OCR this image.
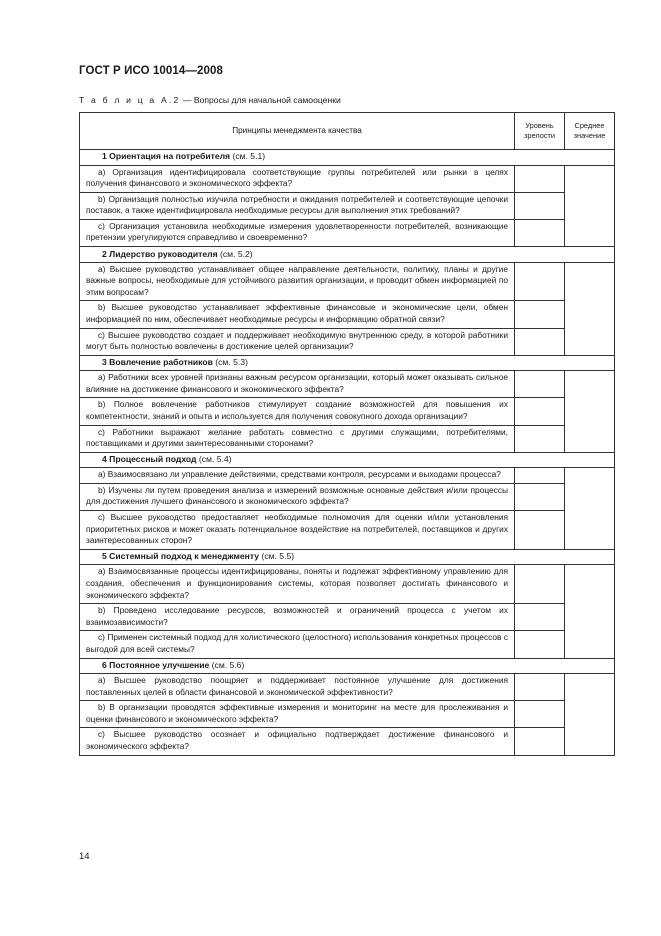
ГОСТ Р ИСО 10014—2008
Т а б л и ц а А.2 — Вопросы для начальной самооценки
Принципы менеджмента качества	Уровень зрелости	Среднее значение
1 Ориентация на потребителя (см. 5.1)		
а) Организация идентифицировала соответствующие группы потребителей или рынки в целях получения финансового и экономического эффекта?		
b) Организация полностью изучила потребности и ожидания потребителей и соответствующие цепочки поставок, а также идентифицировала необходимые ресурсы для выполнения этих требований?		
с) Организация установила необходимые измерения удовлетворенности потребителей, возникающие претензии урегулируются справедливо и своевременно?		
2 Лидерство руководителя (см. 5.2)		
а) Высшее руководство устанавливает общее направление деятельности, политику, планы и другие важные вопросы, необходимые для устойчивого развития организации, и проводит обмен информацией по этим вопросам?		
b) Высшее руководство устанавливает эффективные финансовые и экономические цели, обмен информацией по ним, обеспечивает необходимые ресурсы и информацию обратной связи?		
с) Высшее руководство создает и поддерживает необходимую внутреннюю среду, в которой работники могут быть полностью вовлечены в достижение целей организации?		
3 Вовлечение работников (см. 5.3)		
а) Работники всех уровней признаны важным ресурсом организации, который может оказывать сильное влияние на достижение финансового и экономического эффекта?		
b) Полное вовлечение работников стимулирует создание возможностей для повышения их компетентности, знаний и опыта и используется для получения совокупного дохода организации?		
с) Работники выражают желание работать совместно с другими служащими, потребителями, поставщиками и другими заинтересованными сторонами?		
4 Процессный подход (см. 5.4)		
а) Взаимосвязано ли управление действиями, средствами контроля, ресурсами и выходами процесса?		
b) Изучены ли путем проведения анализа и измерений возможные основные действия и/или процессы для достижения лучшего финансового и экономического эффекта?		
с) Высшее руководство предоставляет необходимые полномочия для оценки и/или установления приоритетных рисков и может оказать потенциальное воздействие на потребителей, поставщиков и других заинтересованных сторон?		
5 Системный подход к менеджменту (см. 5.5)		
а) Взаимосвязанные процессы идентифицированы, поняты и подлежат эффективному управлению для создания, обеспечения и функционирования системы, которая позволяет достигать финансового и экономического эффекта?		
b) Проведено исследование ресурсов, возможностей и ограничений процесса с учетом их взаимозависимости?		
с) Применен системный подход для холистического (целостного) использования конкретных процессов с выгодой для всей системы?		
6 Постоянное улучшение (см. 5.6)		
а) Высшее руководство поощряет и поддерживает постоянное улучшение для достижения поставленных целей в области финансовой и экономической эффективности?		
b) В организации проводятся эффективные измерения и мониторинг на месте для прослеживания и оценки финансового и экономического эффекта?		
с) Высшее руководство осознает и официально подтверждает достижение финансового и экономического эффекта?		
14
